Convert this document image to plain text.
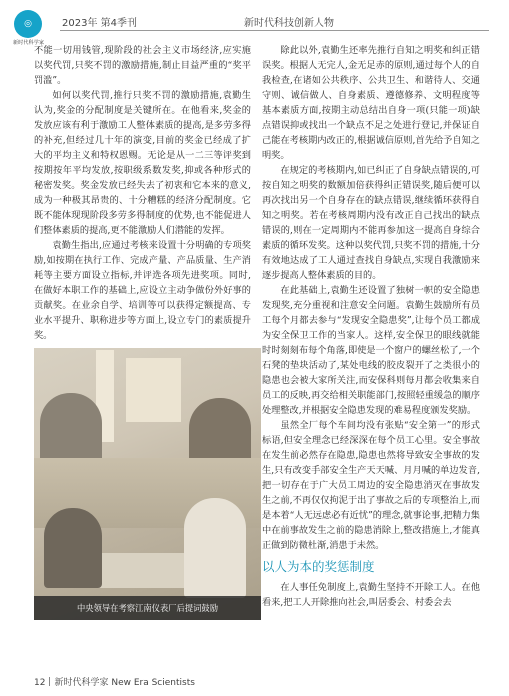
◎
新时代科学家
2023年 第4季刊	新时代科技创新人物

不能一切用钱管,现阶段的社会主义市场经济,应实施以奖代罚,只奖不罚的激励措施,制止目益严重的“奖平罚滥”。

如何以奖代罚,推行只奖不罚的激励措施,袁勤生认为,奖金的分配制度是关键所在。在他看来,奖金的发放应该有利于激励工人整体素质的提高,是多劳多得的补充,但经过几十年的演变,目前的奖金已经成了扩大的平均主义和特权恩赐。无论是从一二三等评奖到按期按年平均发放,按职级系数发奖,抑或各种形式的秘密发奖。奖金发放已经失去了初衷和它本来的意义,成为一种极其昂贵的、十分糟糕的经济分配制度。它既不能体现现阶段多劳多得制度的优势,也不能促进人们整体素质的提高,更不能激励人们潜能的发挥。

袁勤生指出,应通过考核来设置十分明确的专项奖励,如按期在执行工作、完成产量、产品质量、生产消耗等主要方面设立指标,并评选各项先进奖项。同时,在做好本职工作的基础上,应设立主动争做份外好事的贡献奖。在业余自学、培训等可以获得定额提高、专业水平提升、职称进步等方面上,设立专门的素质提升奖。

中央领导在考察江南仪表厂后提词鼓励

除此以外,袁勤生还率先推行自知之明奖和纠正错误奖。根据人无完人,金无足赤的原则,通过每个人的自我检查,在诸如公共秩序、公共卫生、和谐待人、交通守则、诚信做人、自身素质、遵德修养、文明程度等基本素质方面,按期主动总结出自身一项(只能一项)缺点错误抑或找出一个缺点不足之处进行登记,并保证自己能在考核期内改正的,根据诚信原则,首先给予自知之明奖。

在规定的考核期内,如已纠正了自身缺点错误的,可按自知之明奖的数额加倍获得纠正错误奖,随后便可以再次找出另一个自身存在的缺点错误,继续循环获得自知之明奖。若在考核周期内没有改正自己找出的缺点错误的,则在一定周期内不能再参加这一提高自身综合素质的循环发奖。这种以奖代罚,只奖不罚的措施,十分有效地达成了工人通过查找自身缺点,实现自我激励来逐步提高人整体素质的目的。

在此基础上,袁勤生还设置了独树一帜的安全隐患发现奖,充分重视和注意安全问题。袁勤生鼓励所有员工每个月都去参与“发现安全隐患奖”,让每个员工都成为安全保卫工作的当家人。这样,安全保卫的眼线就能时时刻刻布每个角落,即使是一个窗户的螺丝松了,一个石凳的垫块活动了,某处电线的胶皮裂开了之类很小的隐患也会被大家所关注,而安保科则每月都会收集来自员工的反映,再交给相关职能部门,按照轻重缓急的顺序处理整改,并根据安全隐患发现的难易程度颁发奖励。

虽然全厂每个车间均没有张贴“安全第一”的形式标语,但安全理念已经深深在每个员工心里。安全事故在发生前必然存在隐患,隐患也然将导致安全事故的发生,只有改变手部安全生产天天喊、月月喊的单边发音,把一切存在于广大员工周边的安全隐患消灭在事故发生之前,不再仅仅拘泥于出了事故之后的专项整治上,而是本着“人无远虑必有近忧”的理念,就事论事,把精力集中在前事故发生之前的隐患消除上,整改措施上,才能真正做到防微杜渐,消患于未然。

以人为本的奖惩制度

在人事任免制度上,袁勤生坚持不开除工人。在他看来,把工人开除推向社会,叫居委会、村委会去

12 新时代科学家 New Era Scientists
